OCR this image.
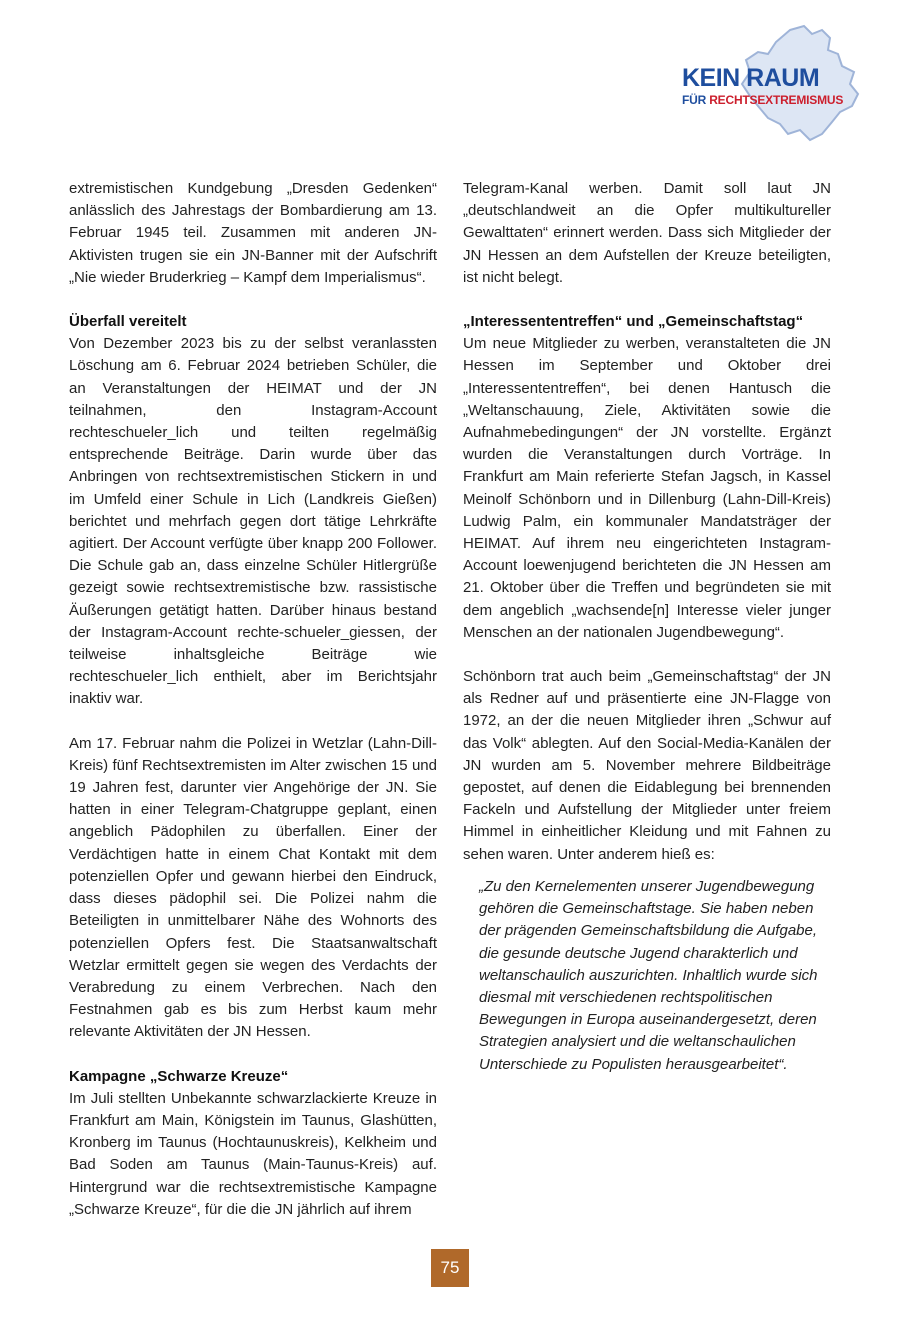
KEIN RAUM
FÜR RECHTSEXTREMISMUS

extremistischen Kundgebung „Dresden Gedenken“ anlässlich des Jahrestags der Bombardierung am 13. Februar 1945 teil. Zusammen mit anderen JN-Aktivisten trugen sie ein JN-Banner mit der Aufschrift „Nie wieder Bruderkrieg – Kampf dem Imperialismus“.

Überfall vereitelt

Von Dezember 2023 bis zu der selbst veranlassten Löschung am 6. Februar 2024 betrieben Schüler, die an Veranstaltungen der HEIMAT und der JN teilnahmen, den Instagram-Account rechteschueler_lich und teilten regelmäßig entsprechende Beiträge. Darin wurde über das Anbringen von rechtsextremistischen Stickern in und im Umfeld einer Schule in Lich (Landkreis Gießen) berichtet und mehrfach gegen dort tätige Lehrkräfte agitiert. Der Account verfügte über knapp 200 Follower. Die Schule gab an, dass einzelne Schüler Hitlergrüße gezeigt sowie rechtsextremistische bzw. rassistische Äußerungen getätigt hatten. Darüber hinaus bestand der Instagram-Account rechte-schueler_giessen, der teilweise inhaltsgleiche Beiträge wie rechteschueler_lich enthielt, aber im Berichtsjahr inaktiv war.

Am 17. Februar nahm die Polizei in Wetzlar (Lahn-Dill-Kreis) fünf Rechtsextremisten im Alter zwischen 15 und 19 Jahren fest, darunter vier Angehörige der JN. Sie hatten in einer Telegram-Chatgruppe geplant, einen angeblich Pädophilen zu überfallen. Einer der Verdächtigen hatte in einem Chat Kontakt mit dem potenziellen Opfer und gewann hierbei den Eindruck, dass dieses pädophil sei. Die Polizei nahm die Beteiligten in unmittelbarer Nähe des Wohnorts des potenziellen Opfers fest. Die Staatsanwaltschaft Wetzlar ermittelt gegen sie wegen des Verdachts der Verabredung zu einem Verbrechen. Nach den Festnahmen gab es bis zum Herbst kaum mehr relevante Aktivitäten der JN Hessen.

Kampagne „Schwarze Kreuze“

Im Juli stellten Unbekannte schwarzlackierte Kreuze in Frankfurt am Main, Königstein im Taunus, Glashütten, Kronberg im Taunus (Hochtaunuskreis), Kelkheim und Bad Soden am Taunus (Main-Taunus-Kreis) auf. Hintergrund war die rechtsextremistische Kampagne „Schwarze Kreuze“, für die die JN jährlich auf ihrem

Telegram-Kanal werben. Damit soll laut JN „deutschlandweit an die Opfer multikultureller Gewalttaten“ erinnert werden. Dass sich Mitglieder der JN Hessen an dem Aufstellen der Kreuze beteiligten, ist nicht belegt.

„Interessententreffen“ und „Gemeinschaftstag“

Um neue Mitglieder zu werben, veranstalteten die JN Hessen im September und Oktober drei „Interessententreffen“, bei denen Hantusch die „Weltanschauung, Ziele, Aktivitäten sowie die Aufnahmebedingungen“ der JN vorstellte. Ergänzt wurden die Veranstaltungen durch Vorträge. In Frankfurt am Main referierte Stefan Jagsch, in Kassel Meinolf Schönborn und in Dillenburg (Lahn-Dill-Kreis) Ludwig Palm, ein kommunaler Mandatsträger der HEIMAT. Auf ihrem neu eingerichteten Instagram-Account loewenjugend berichteten die JN Hessen am 21. Oktober über die Treffen und begründeten sie mit dem angeblich „wachsende[n] Interesse vieler junger Menschen an der nationalen Jugendbewegung“.

Schönborn trat auch beim „Gemeinschaftstag“ der JN als Redner auf und präsentierte eine JN-Flagge von 1972, an der die neuen Mitglieder ihren „Schwur auf das Volk“ ablegten. Auf den Social-Media-Kanälen der JN wurden am 5. November mehrere Bildbeiträge gepostet, auf denen die Eidablegung bei brennenden Fackeln und Aufstellung der Mitglieder unter freiem Himmel in einheitlicher Kleidung und mit Fahnen zu sehen waren. Unter anderem hieß es:

„Zu den Kernelementen unserer Jugendbewegung gehören die Gemeinschaftstage. Sie haben neben der prägenden Gemeinschaftsbildung die Aufgabe, die gesunde deutsche Jugend charakterlich und weltanschaulich auszurichten. Inhaltlich wurde sich diesmal mit verschiedenen rechtspolitischen Bewegungen in Europa auseinandergesetzt, deren Strategien analysiert und die weltanschaulichen Unterschiede zu Populisten herausgearbeitet“.
75
